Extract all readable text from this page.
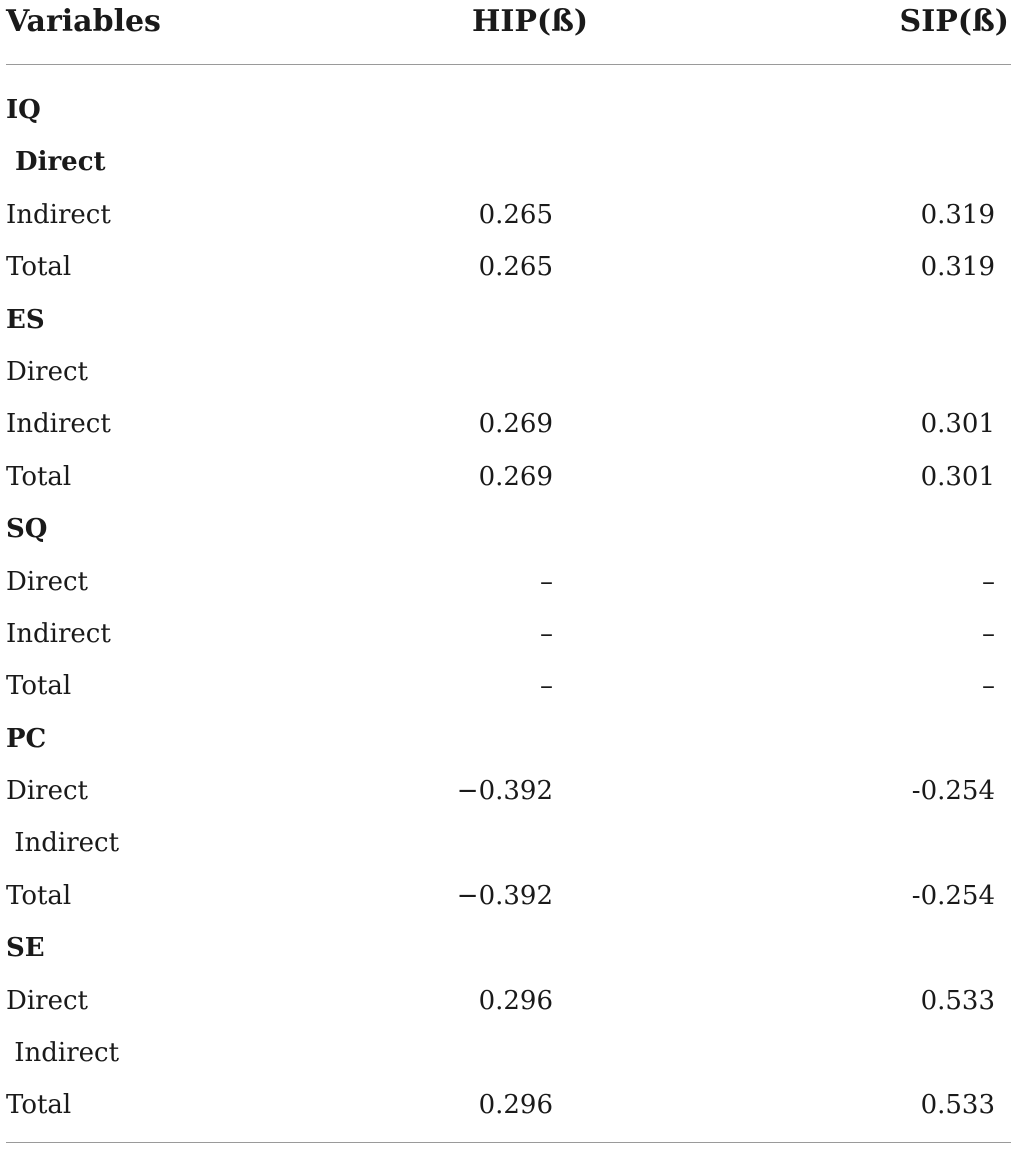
Variables	HIP(ß)	SIP(ß)
IQ
Direct
Indirect	0.265	0.319
Total	0.265	0.319
ES
Direct
Indirect	0.269	0.301
Total	0.269	0.301
SQ
Direct	–	–
Indirect	–	–
Total	–	–
PC
Direct	−0.392	-0.254
Indirect
Total	−0.392	-0.254
SE
Direct	0.296	0.533
Indirect
Total	0.296	0.533
